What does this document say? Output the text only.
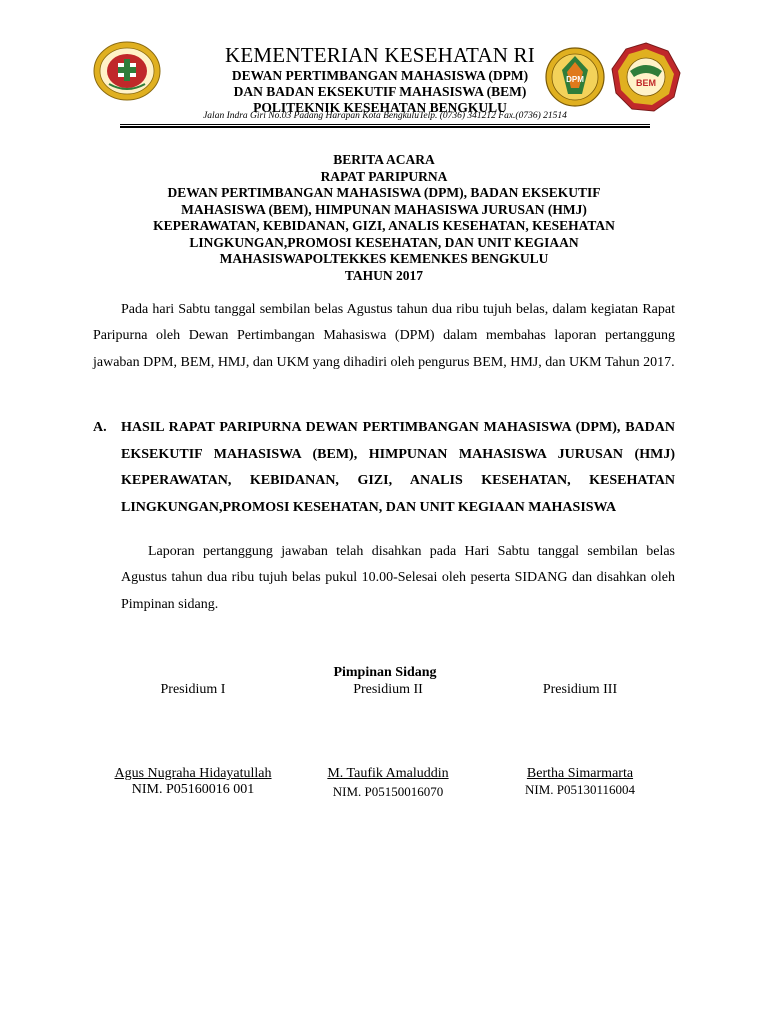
DPM	BEM
KEMENTERIAN KESEHATAN RI
DEWAN PERTIMBANGAN MAHASISWA (DPM)
DAN BADAN EKSEKUTIF MAHASISWA (BEM)
POLITEKNIK KESEHATAN BENGKULU
Jalan Indra Giri No.03 Padang Harapan Kota BengkuluTelp. (0736) 341212 Fax.(0736) 21514
BERITA ACARA
RAPAT PARIPURNA
DEWAN PERTIMBANGAN MAHASISWA (DPM), BADAN EKSEKUTIF
MAHASISWA (BEM), HIMPUNAN MAHASISWA JURUSAN (HMJ)
KEPERAWATAN, KEBIDANAN, GIZI, ANALIS KESEHATAN, KESEHATAN
LINGKUNGAN,PROMOSI KESEHATAN, DAN UNIT KEGIAAN
MAHASISWAPOLTEKKES KEMENKES BENGKULU
TAHUN 2017
Pada hari Sabtu tanggal sembilan belas Agustus tahun dua ribu tujuh belas, dalam kegiatan Rapat Paripurna oleh Dewan Pertimbangan Mahasiswa (DPM) dalam membahas laporan pertanggung jawaban DPM, BEM, HMJ, dan UKM yang dihadiri oleh pengurus BEM, HMJ, dan UKM Tahun 2017.
A. HASIL RAPAT PARIPURNA DEWAN PERTIMBANGAN MAHASISWA (DPM), BADAN EKSEKUTIF MAHASISWA (BEM), HIMPUNAN MAHASISWA JURUSAN (HMJ) KEPERAWATAN, KEBIDANAN, GIZI, ANALIS KESEHATAN, KESEHATAN LINGKUNGAN,PROMOSI KESEHATAN, DAN UNIT KEGIAAN MAHASISWA
Laporan pertanggung jawaban telah disahkan pada Hari Sabtu tanggal sembilan belas Agustus tahun dua ribu tujuh belas pukul 10.00-Selesai oleh peserta SIDANG dan disahkan oleh Pimpinan sidang.
Pimpinan Sidang
Presidium I	Presidium II	Presidium III
Agus Nugraha Hidayatullah	M. Taufik Amaluddin	Bertha Simarmarta
NIM. P05160016 001	NIM. P05150016070	NIM. P05130116004
